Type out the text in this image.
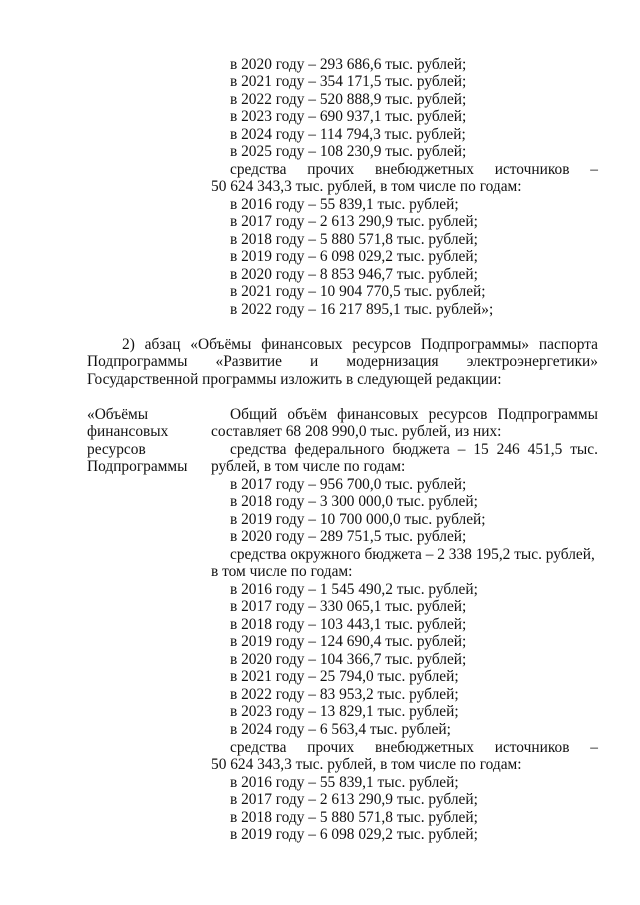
в 2020 году – 293 686,6 тыс. рублей;
в 2021 году – 354 171,5 тыс. рублей;
в 2022 году – 520 888,9 тыс. рублей;
в 2023 году – 690 937,1 тыс. рублей;
в 2024 году – 114 794,3 тыс. рублей;
в 2025 году – 108 230,9 тыс. рублей;
средства прочих внебюджетных источников –
50 624 343,3 тыс. рублей, в том числе по годам:
в 2016 году – 55 839,1 тыс. рублей;
в 2017 году – 2 613 290,9 тыс. рублей;
в 2018 году – 5 880 571,8 тыс. рублей;
в 2019 году – 6 098 029,2 тыс. рублей;
в 2020 году – 8 853 946,7 тыс. рублей;
в 2021 году – 10 904 770,5 тыс. рублей;
в 2022 году – 16 217 895,1 тыс. рублей»;
2) абзац «Объёмы финансовых ресурсов Подпрограммы» паспорта
Подпрограммы «Развитие и модернизация электроэнергетики»
Государственной программы изложить в следующей редакции:
«Объёмы
финансовых
ресурсов
Подпрограммы
Общий объём финансовых ресурсов Подпрограммы
составляет 68 208 990,0 тыс. рублей, из них:
средства федерального бюджета – 15 246 451,5 тыс.
рублей, в том числе по годам:
в 2017 году – 956 700,0 тыс. рублей;
в 2018 году – 3 300 000,0 тыс. рублей;
в 2019 году – 10 700 000,0 тыс. рублей;
в 2020 году – 289 751,5 тыс. рублей;
средства окружного бюджета – 2 338 195,2 тыс. рублей,
в том числе по годам:
в 2016 году – 1 545 490,2 тыс. рублей;
в 2017 году – 330 065,1 тыс. рублей;
в 2018 году – 103 443,1 тыс. рублей;
в 2019 году – 124 690,4 тыс. рублей;
в 2020 году – 104 366,7 тыс. рублей;
в 2021 году – 25 794,0 тыс. рублей;
в 2022 году – 83 953,2 тыс. рублей;
в 2023 году – 13 829,1 тыс. рублей;
в 2024 году – 6 563,4 тыс. рублей;
средства прочих внебюджетных источников –
50 624 343,3 тыс. рублей, в том числе по годам:
в 2016 году – 55 839,1 тыс. рублей;
в 2017 году – 2 613 290,9 тыс. рублей;
в 2018 году – 5 880 571,8 тыс. рублей;
в 2019 году – 6 098 029,2 тыс. рублей;
